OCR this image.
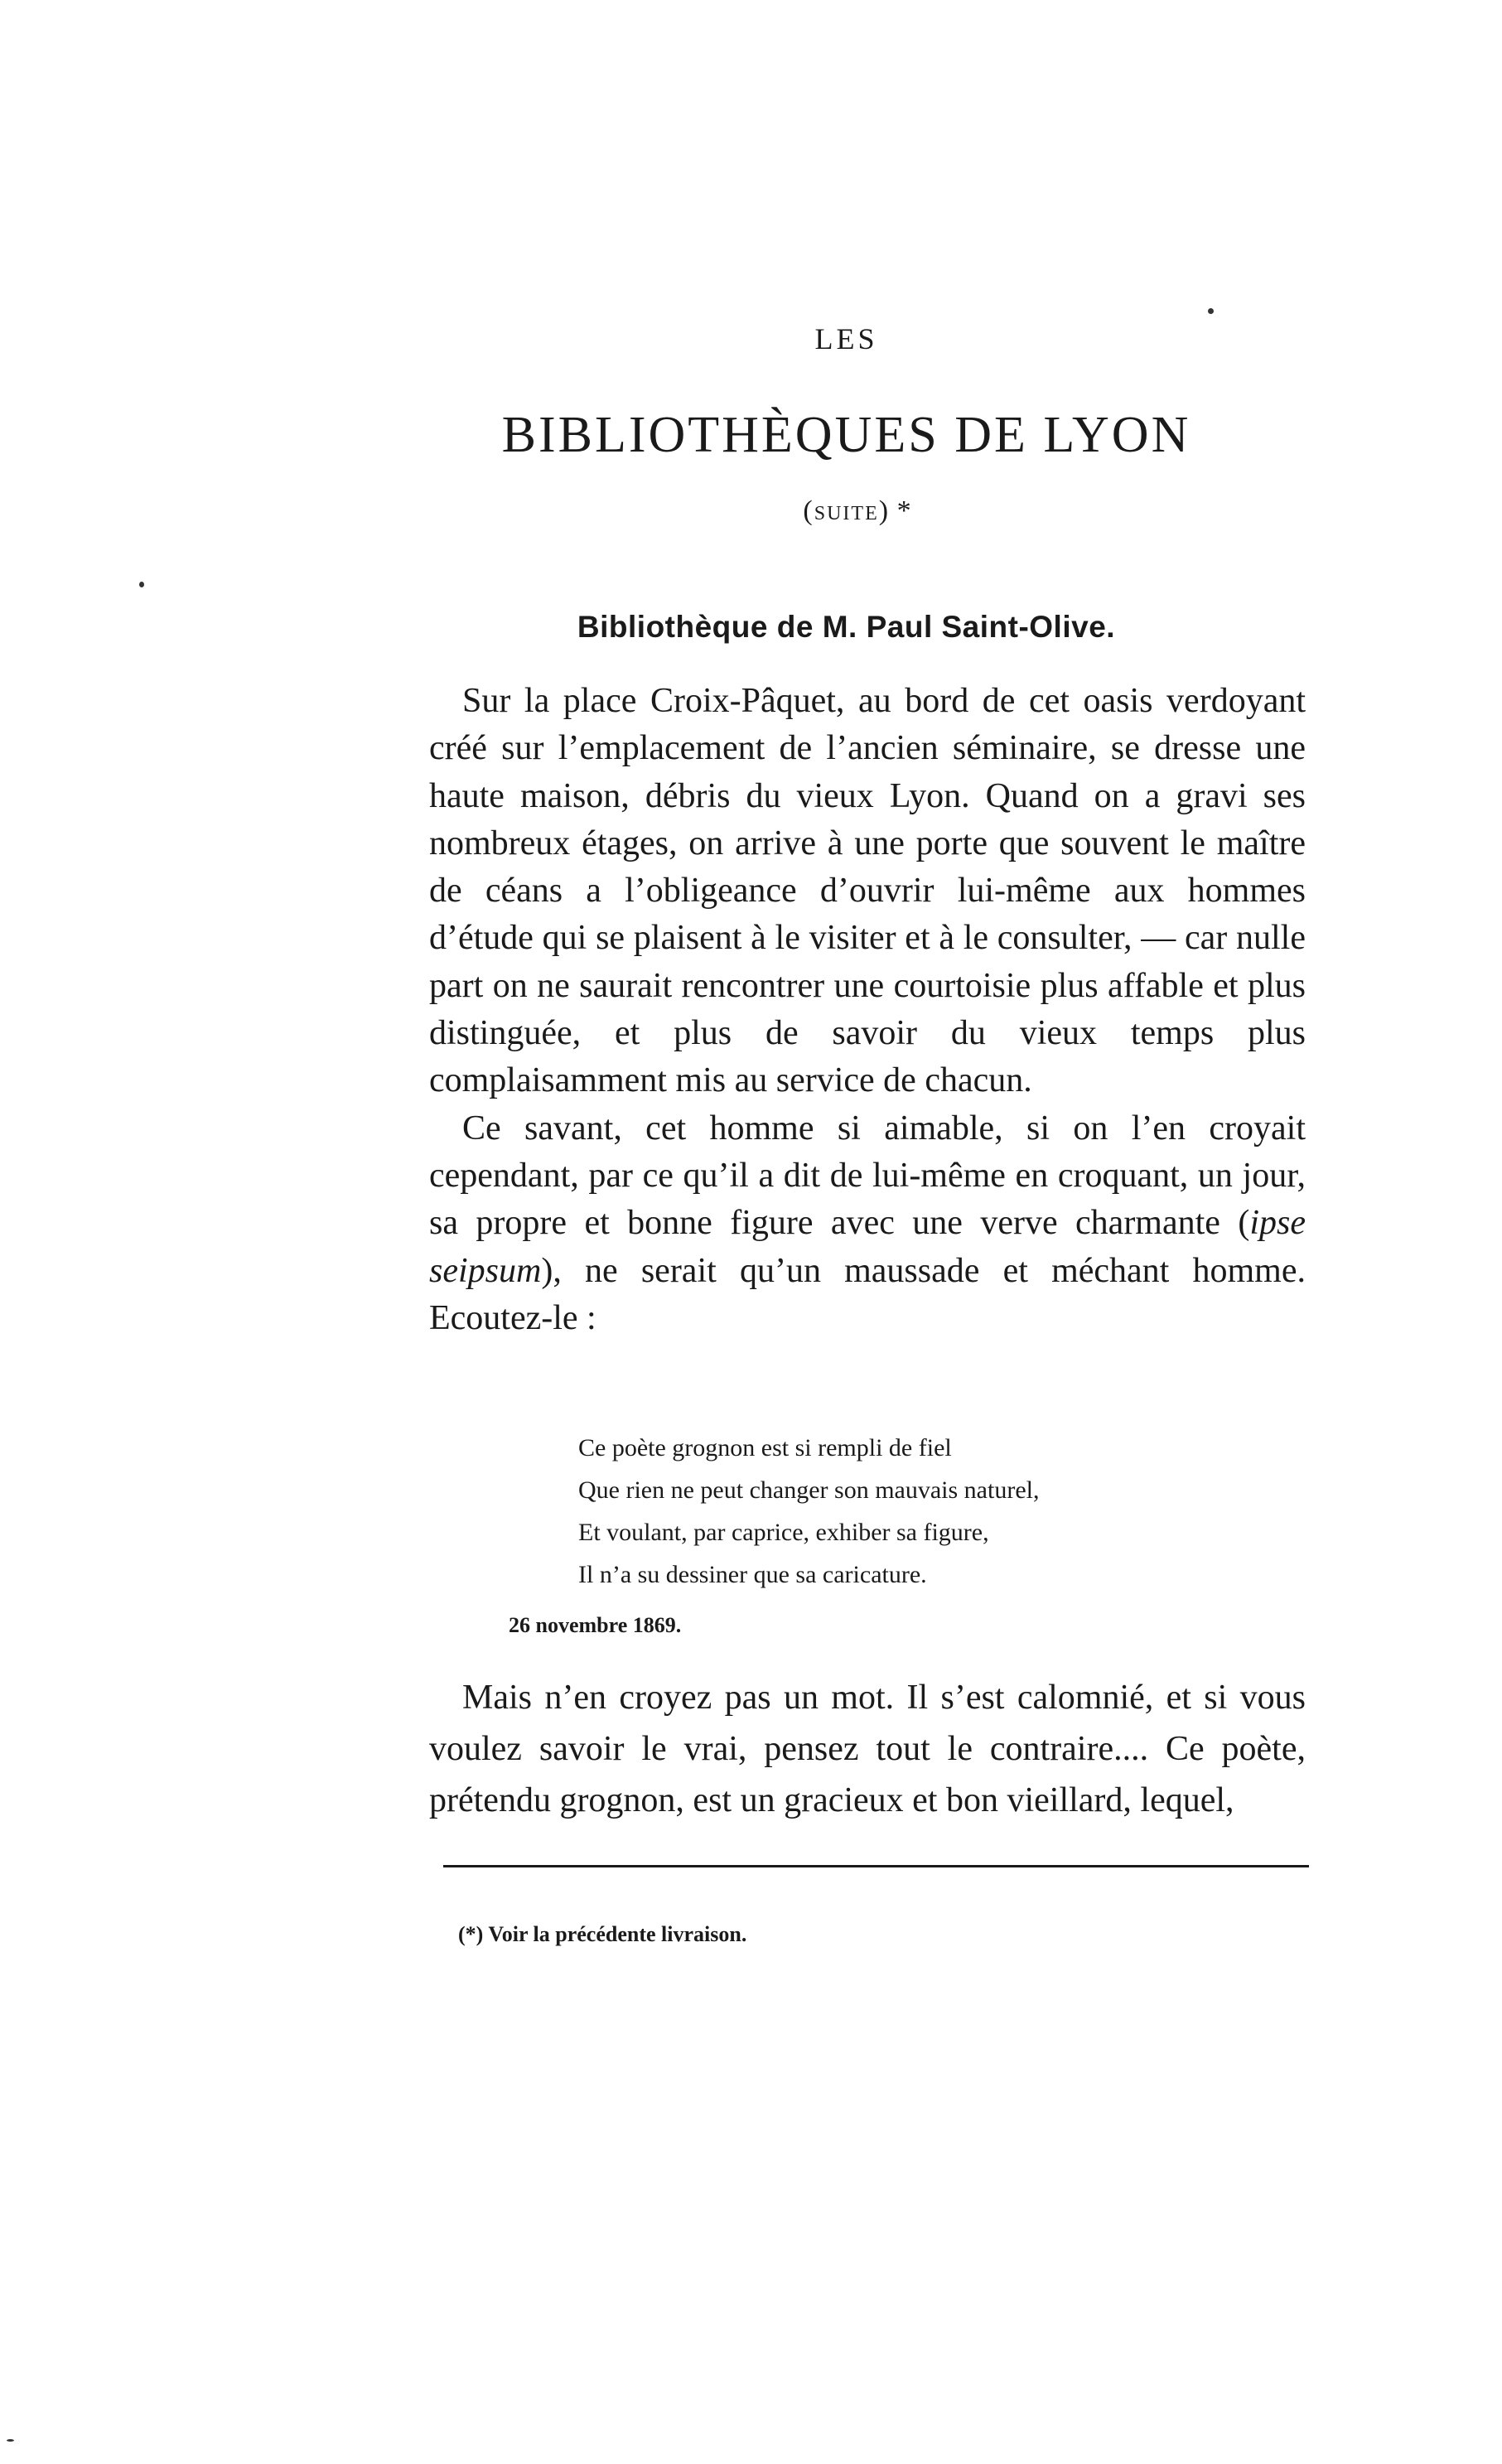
LES
BIBLIOTHÈQUES DE LYON
(suite) *
Bibliothèque de M. Paul Saint-Olive.

Sur la place Croix-Pâquet, au bord de cet oasis verdoyant créé sur l’emplacement de l’ancien séminaire, se dresse une haute maison, débris du vieux Lyon. Quand on a gravi ses nombreux étages, on arrive à une porte que souvent le maître de céans a l’obligeance d’ouvrir lui-même aux hommes d’étude qui se plaisent à le visiter et à le consulter, — car nulle part on ne saurait rencontrer une courtoisie plus affable et plus distinguée, et plus de savoir du vieux temps plus complaisamment mis au service de chacun.

Ce savant, cet homme si aimable, si on l’en croyait cependant, par ce qu’il a dit de lui-même en croquant, un jour, sa propre et bonne figure avec une verve charmante (ipse seipsum), ne serait qu’un maussade et méchant homme. Ecoutez-le :

Ce poète grognon est si rempli de fiel
Que rien ne peut changer son mauvais naturel,
Et voulant, par caprice, exhiber sa figure,
Il n’a su dessiner que sa caricature.
26 novembre 1869.

Mais n’en croyez pas un mot. Il s’est calomnié, et si vous voulez savoir le vrai, pensez tout le contraire.... Ce poète, prétendu grognon, est un gracieux et bon vieillard, lequel,

(*) Voir la précédente livraison.
